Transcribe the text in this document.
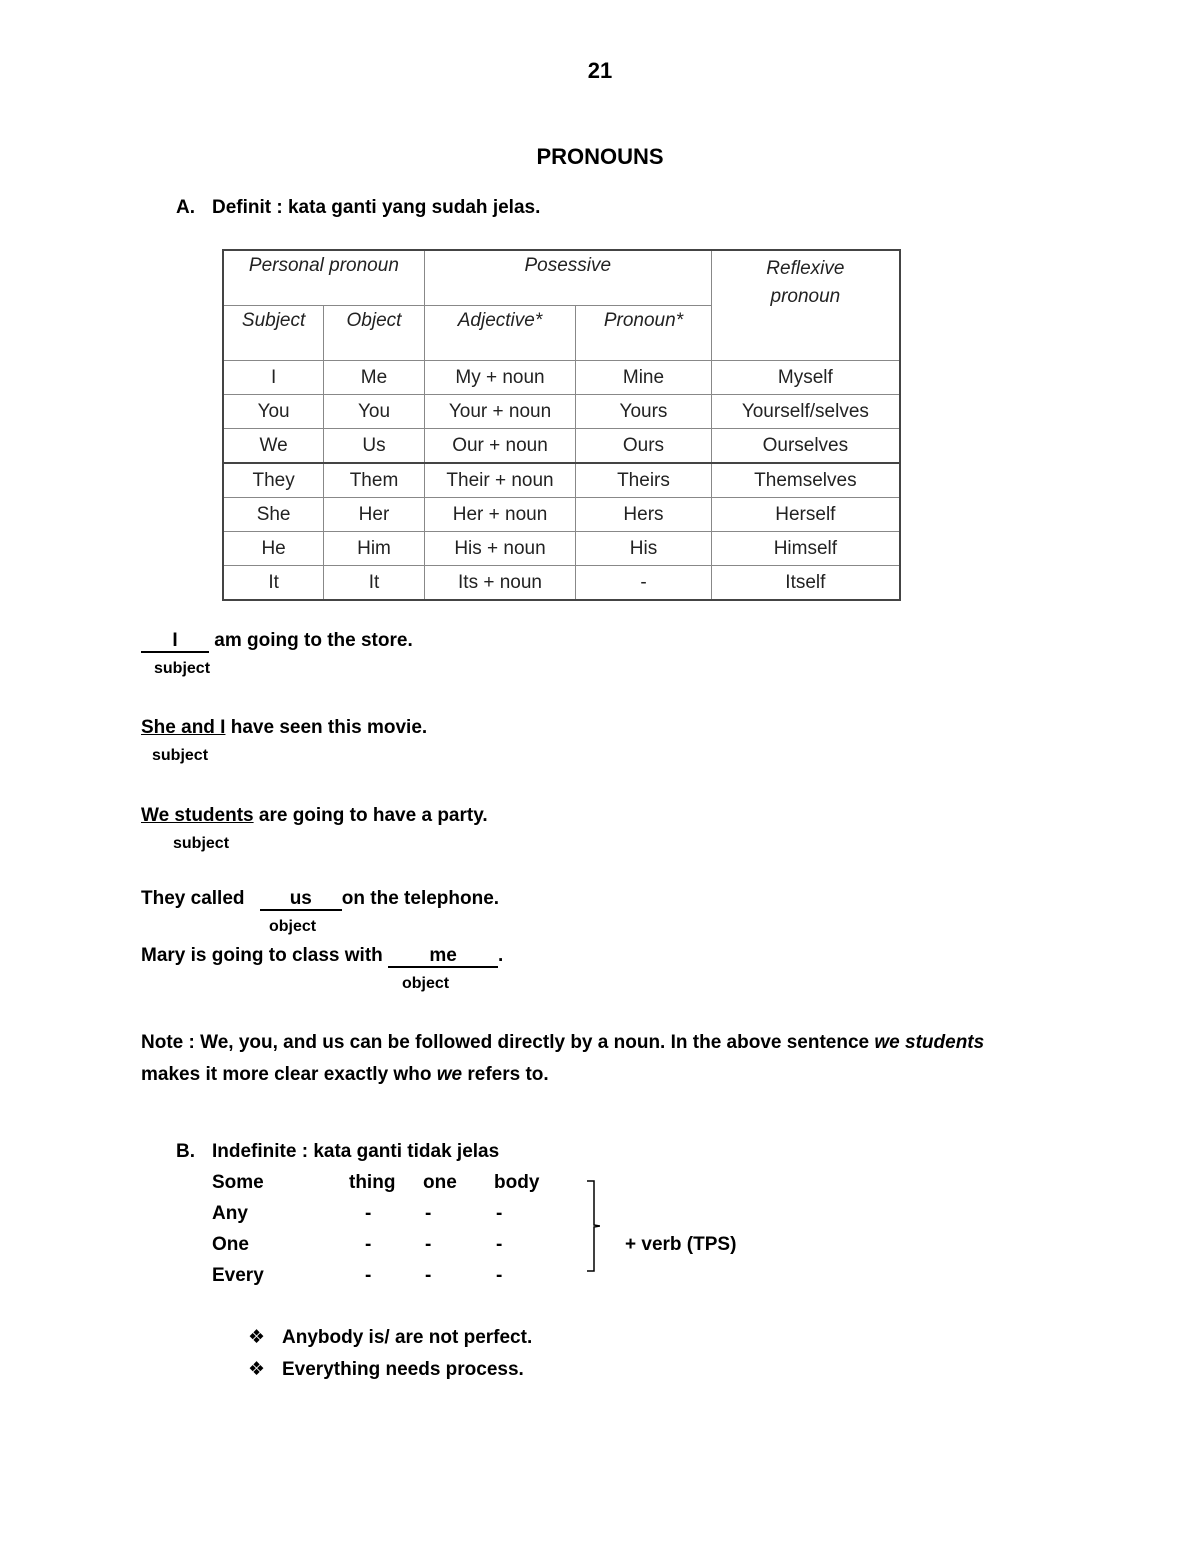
21
PRONOUNS
A. Definit : kata ganti yang sudah jelas.
Personal pronoun		Posessive		Reflexive pronoun
Subject	Object	Adjective*	Pronoun*	
I	Me	My + noun	Mine	Myself
You	You	Your + noun	Yours	Yourself/selves
We	Us	Our + noun	Ours	Ourselves
They	Them	Their + noun	Theirs	Themselves
She	Her	Her + noun	Hers	Herself
He	Him	His + noun	His	Himself
It	It	Its + noun	-	Itself
I am going to the store.
subject
She and I have seen this movie.
subject
We students are going to have a party.
subject
They called us on the telephone.
object
Mary is going to class with me .
object
Note : We, you, and us can be followed directly by a noun. In the above sentence we students
makes it more clear exactly who we refers to.
B. Indefinite : kata ganti tidak jelas
Some	thing one body
Any	-	-	-
One	-	-	-
Every	-	-	-
+ verb (TPS)
❖ Anybody is/ are not perfect.
❖ Everything needs process.
